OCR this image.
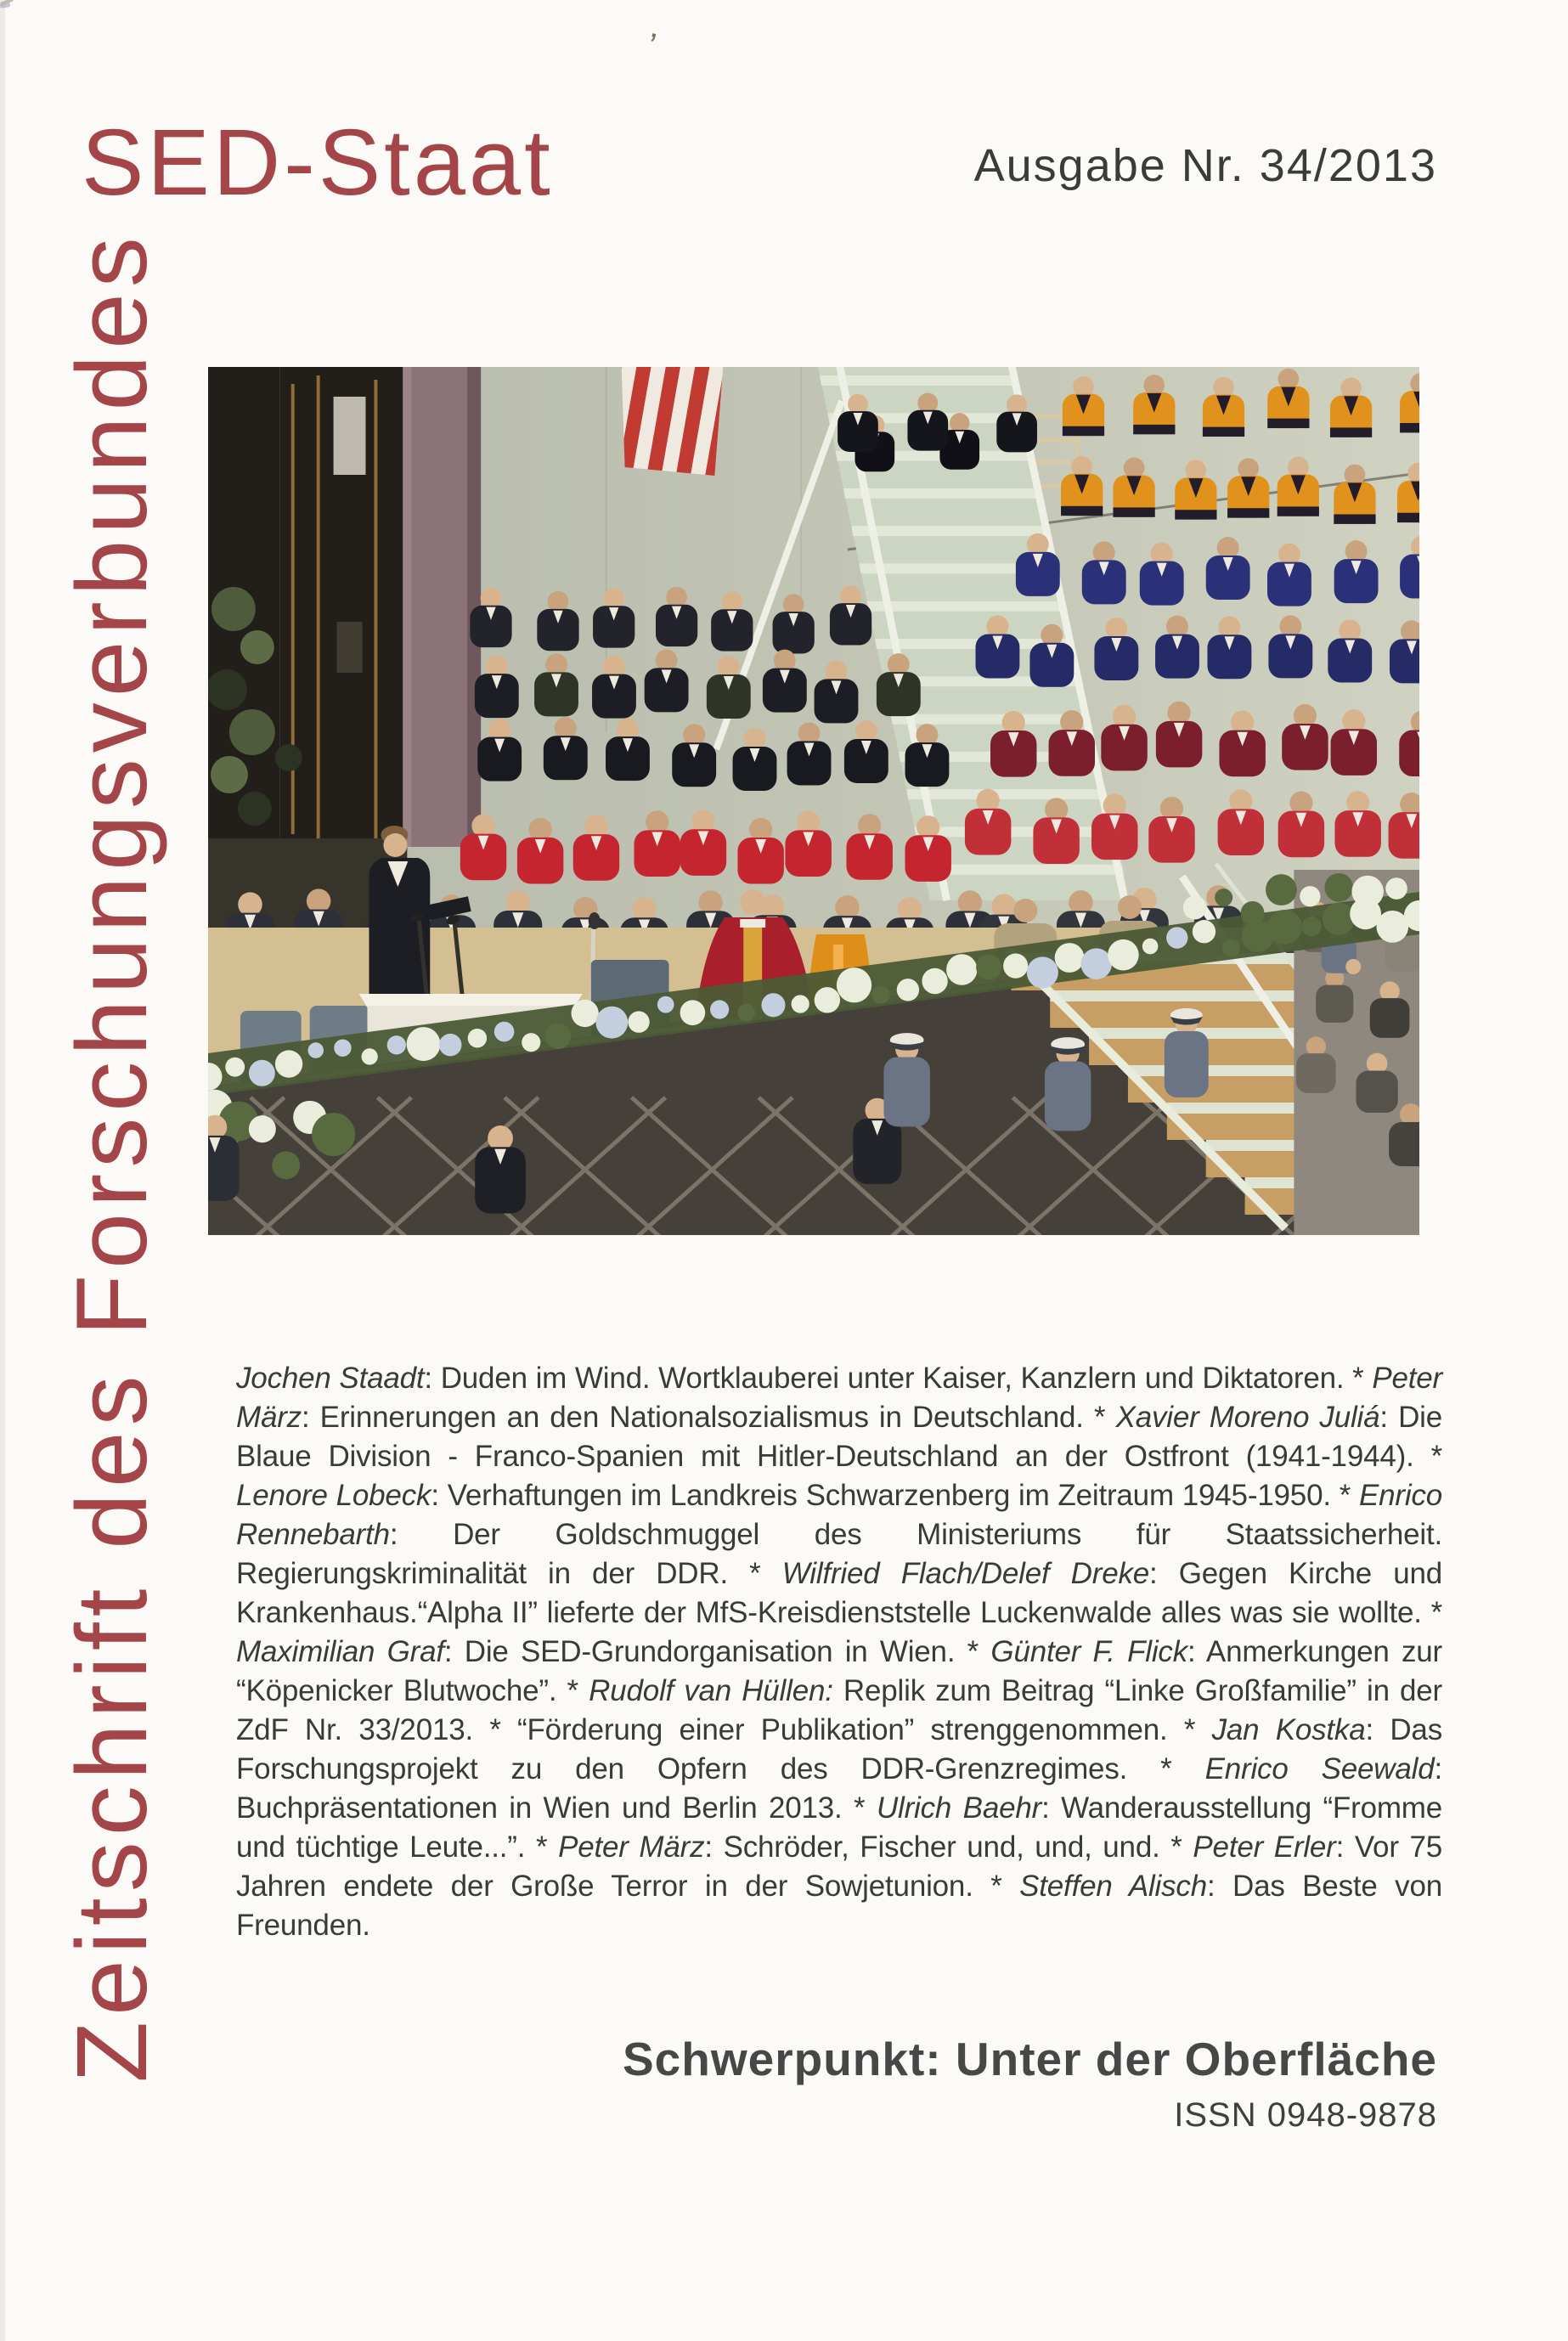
SED-Staat	Ausgabe Nr. 34/2013
Zeitschrift des Forschungsverbundes Jochen Staadt: Duden im Wind. Wortklauberei unter Kaiser, Kanzlern und Diktatoren. * Peter März: Erinnerungen an den Nationalsozialismus in Deutschland. * Xavier Moreno Juliá: Die Blaue Division - Franco-Spanien mit Hitler-Deutschland an der Ostfront (1941-1944). * Lenore Lobeck: Verhaftungen im Landkreis Schwarzenberg im Zeitraum 1945-1950. * Enrico Rennebarth: Der Goldschmuggel des Ministeriums für Staatssicherheit. Regierungskriminalität in der DDR. * Wilfried Flach/Delef Dreke: Gegen Kirche und Krankenhaus.“Alpha II” lieferte der MfS-Kreisdienststelle Luckenwalde alles was sie wollte. * Maximilian Graf: Die SED-Grundorganisation in Wien. * Günter F. Flick: Anmerkungen zur “Köpenicker Blutwoche”. * Rudolf van Hüllen: Replik zum Beitrag “Linke Großfamilie” in der ZdF Nr. 33/2013. * “Förderung einer Publikation” strenggenommen. * Jan Kostka: Das Forschungsprojekt zu den Opfern des DDR-Grenzregimes. * Enrico Seewald: Buchpräsentationen in Wien und Berlin 2013. * Ulrich Baehr: Wanderausstellung “Fromme und tüchtige Leute...”. * Peter März: Schröder, Fischer und, und, und. * Peter Erler: Vor 75 Jahren endete der Große Terror in der Sowjetunion. * Steffen Alisch: Das Beste von Freunden.
Schwerpunkt: Unter der Oberfläche
ISSN 0948-9878
’
